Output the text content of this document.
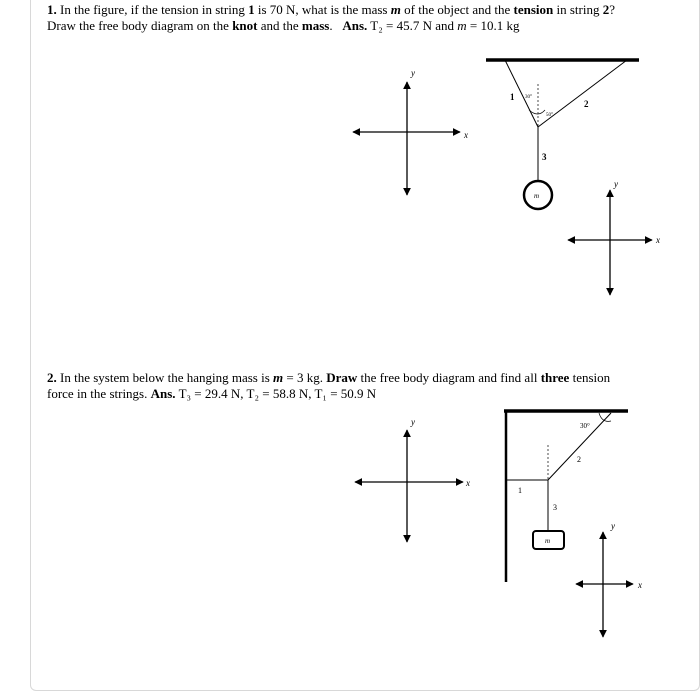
1. In the figure, if the tension in string 1 is 70 N, what is the mass m of the object and the tension in string 2?
Draw the free body diagram on the knot and the mass. Ans. T₂ = 45.7 N and m = 10.1 kg
2. In the system below the hanging mass is m = 3 kg. Draw the free body diagram and find all three tension
force in the strings. Ans. T₃ = 29.4 N, T₂ = 58.8 N, T₁ = 50.9 N
y
x
m
1
2
3
30°
50°
y
x
y
x
m
1
2
3
30°
y
x
